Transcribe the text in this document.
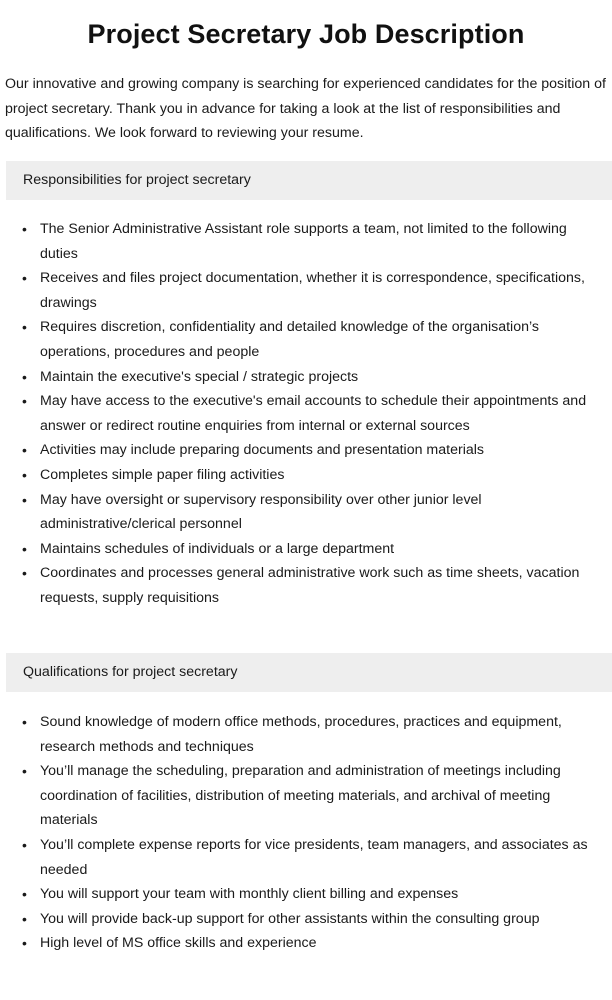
Project Secretary Job Description

Our innovative and growing company is searching for experienced candidates for the position of project secretary. Thank you in advance for taking a look at the list of responsibilities and qualifications. We look forward to reviewing your resume.

Responsibilities for project secretary
• The Senior Administrative Assistant role supports a team, not limited to the following duties
• Receives and files project documentation, whether it is correspondence, specifications, drawings
• Requires discretion, confidentiality and detailed knowledge of the organisation’s operations, procedures and people
• Maintain the executive's special / strategic projects
• May have access to the executive's email accounts to schedule their appointments and answer or redirect routine enquiries from internal or external sources
• Activities may include preparing documents and presentation materials
• Completes simple paper filing activities
• May have oversight or supervisory responsibility over other junior level administrative/clerical personnel
• Maintains schedules of individuals or a large department
• Coordinates and processes general administrative work such as time sheets, vacation requests, supply requisitions
Qualifications for project secretary
• Sound knowledge of modern office methods, procedures, practices and equipment, research methods and techniques
• You’ll manage the scheduling, preparation and administration of meetings including coordination of facilities, distribution of meeting materials, and archival of meeting materials
• You’ll complete expense reports for vice presidents, team managers, and associates as needed
• You will support your team with monthly client billing and expenses
• You will provide back-up support for other assistants within the consulting group
• High level of MS office skills and experience
